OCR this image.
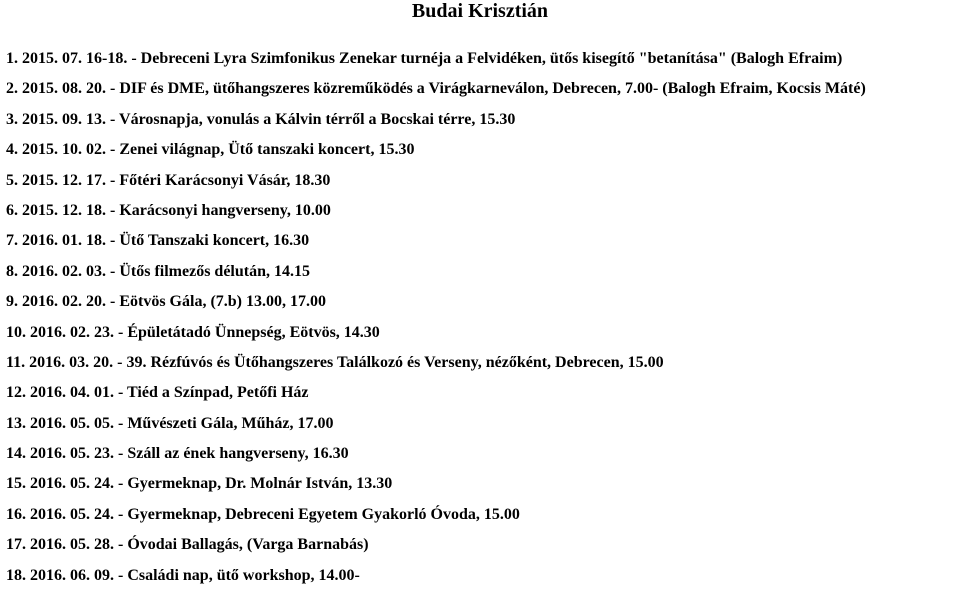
Budai Krisztián
1. 2015. 07. 16-18. - Debreceni Lyra Szimfonikus Zenekar turnéja a Felvidéken, ütős kisegítő "betanítása" (Balogh Efraim)
2. 2015. 08. 20. - DIF és DME, ütőhangszeres közreműködés a Virágkarneválon, Debrecen, 7.00- (Balogh Efraim, Kocsis Máté)
3. 2015. 09. 13. - Városnapja, vonulás a Kálvin térről a Bocskai térre, 15.30
4. 2015. 10. 02. - Zenei világnap, Ütő tanszaki koncert, 15.30
5. 2015. 12. 17. - Főtéri Karácsonyi Vásár, 18.30
6. 2015. 12. 18. - Karácsonyi hangverseny, 10.00
7. 2016. 01. 18. - Ütő Tanszaki koncert, 16.30
8. 2016. 02. 03. - Ütős filmezős délután, 14.15
9. 2016. 02. 20. - Eötvös Gála, (7.b) 13.00, 17.00
10. 2016. 02. 23. - Épületátadó Ünnepség, Eötvös, 14.30
11. 2016. 03. 20. - 39. Rézfúvós és Ütőhangszeres Találkozó és Verseny, nézőként, Debrecen, 15.00
12. 2016. 04. 01. - Tiéd a Színpad, Petőfi Ház
13. 2016. 05. 05. - Művészeti Gála, Műház, 17.00
14. 2016. 05. 23. - Száll az ének hangverseny, 16.30
15. 2016. 05. 24. - Gyermeknap, Dr. Molnár István, 13.30
16. 2016. 05. 24. - Gyermeknap, Debreceni Egyetem Gyakorló Óvoda, 15.00
17. 2016. 05. 28. - Óvodai Ballagás, (Varga Barnabás)
18. 2016. 06. 09. - Családi nap, ütő workshop, 14.00-
